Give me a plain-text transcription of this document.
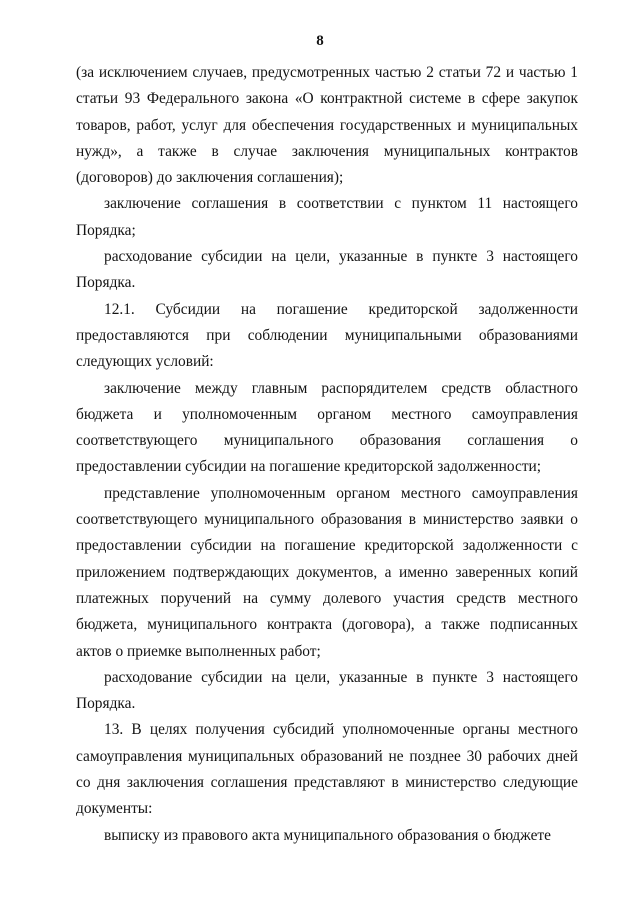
8

(за исключением случаев, предусмотренных частью 2 статьи 72 и частью 1 статьи 93 Федерального закона «О контрактной системе в сфере закупок товаров, работ, услуг для обеспечения государственных и муниципальных нужд», а также в случае заключения муниципальных контрактов (договоров) до заключения соглашения);

заключение соглашения в соответствии с пунктом 11 настоящего Порядка;

расходование субсидии на цели, указанные в пункте 3 настоящего Порядка.

12.1. Субсидии на погашение кредиторской задолженности предоставляются при соблюдении муниципальными образованиями следующих условий:

заключение между главным распорядителем средств областного бюджета и уполномоченным органом местного самоуправления соответствующего муниципального образования соглашения о предоставлении субсидии на погашение кредиторской задолженности;

представление уполномоченным органом местного самоуправления соответствующего муниципального образования в министерство заявки о предоставлении субсидии на погашение кредиторской задолженности с приложением подтверждающих документов, а именно заверенных копий платежных поручений на сумму долевого участия средств местного бюджета, муниципального контракта (договора), а также подписанных актов о приемке выполненных работ;

расходование субсидии на цели, указанные в пункте 3 настоящего Порядка.

13. В целях получения субсидий уполномоченные органы местного самоуправления муниципальных образований не позднее 30 рабочих дней со дня заключения соглашения представляют в министерство следующие документы:

выписку из правового акта муниципального образования о бюджете
